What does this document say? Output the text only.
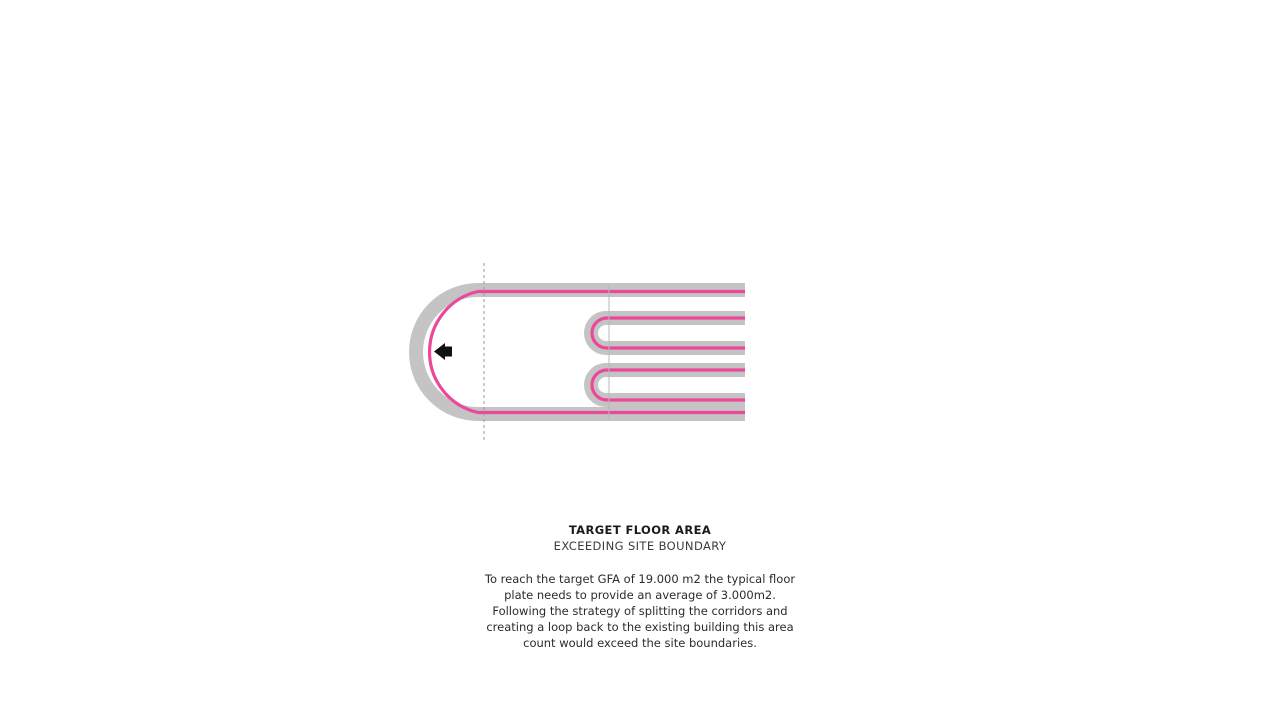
TARGET FLOOR AREA
EXCEEDING SITE BOUNDARY
To reach the target GFA of 19.000 m2 the typical floor plate needs to provide an average of 3.000m2. Following the strategy of splitting the corridors and creating a loop back to the existing building this area count would exceed the site boundaries.
